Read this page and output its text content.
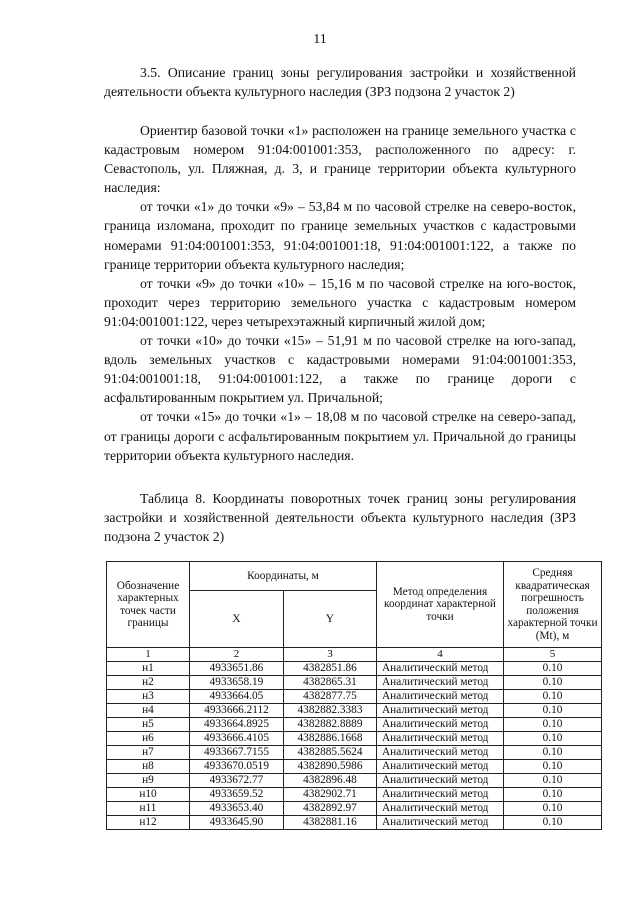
11
3.5. Описание границ зоны регулирования застройки и хозяйственной деятельности объекта культурного наследия (ЗРЗ подзона 2 участок 2)

Ориентир базовой точки «1» расположен на границе земельного участка с кадастровым номером 91:04:001001:353, расположенного по адресу: г. Севастополь, ул. Пляжная, д. 3, и границе территории объекта культурного наследия:

от точки «1» до точки «9» – 53,84 м по часовой стрелке на северо-восток, граница изломана, проходит по границе земельных участков с кадастровыми номерами 91:04:001001:353, 91:04:001001:18, 91:04:001001:122, а также по границе территории объекта культурного наследия;

от точки «9» до точки «10» – 15,16 м по часовой стрелке на юго-восток, проходит через территорию земельного участка с кадастровым номером 91:04:001001:122, через четырехэтажный кирпичный жилой дом;

от точки «10» до точки «15» – 51,91 м по часовой стрелке на юго-запад, вдоль земельных участков с кадастровыми номерами 91:04:001001:353, 91:04:001001:18, 91:04:001001:122, а также по границе дороги с асфальтированным покрытием ул. Причальной;

от точки «15» до точки «1» – 18,08 м по часовой стрелке на северо-запад, от границы дороги с асфальтированным покрытием ул. Причальной до границы территории объекта культурного наследия.

Таблица 8. Координаты поворотных точек границ зоны регулирования застройки и хозяйственной деятельности объекта культурного наследия (ЗРЗ подзона 2 участок 2)
Обозначение характерных точек части границы	Координаты, м		Метод определения координат характерной точки	Средняя квадратическая погрешность положения характерной точки (Mt), м
	X	Y		
1	2	3	4	5
н1	4933651.86	4382851.86	Аналитический метод	0.10
н2	4933658.19	4382865.31	Аналитический метод	0.10
н3	4933664.05	4382877.75	Аналитический метод	0.10
н4	4933666.2112	4382882.3383	Аналитический метод	0.10
н5	4933664.8925	4382882.8889	Аналитический метод	0.10
н6	4933666.4105	4382886.1668	Аналитический метод	0.10
н7	4933667.7155	4382885.5624	Аналитический метод	0.10
н8	4933670.0519	4382890.5986	Аналитический метод	0.10
н9	4933672.77	4382896.48	Аналитический метод	0.10
н10	4933659.52	4382902.71	Аналитический метод	0.10
н11	4933653.40	4382892.97	Аналитический метод	0.10
н12	4933645.90	4382881.16	Аналитический метод	0.10
